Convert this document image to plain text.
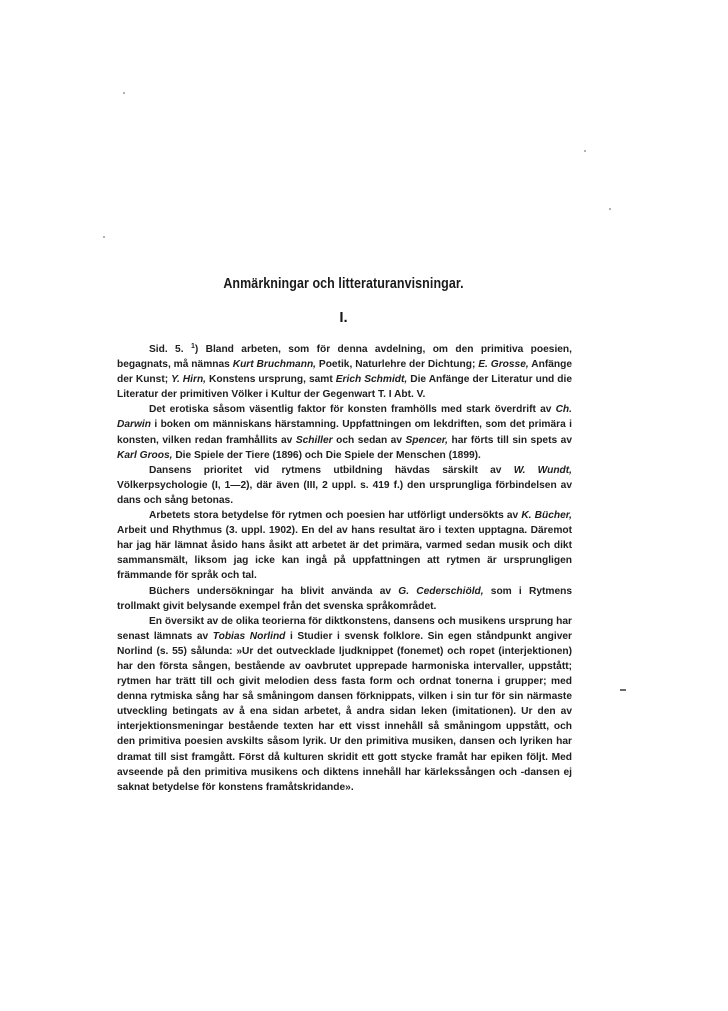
Anmärkningar och litteraturanvisningar.
I.

Sid. 5. $^1$) Bland arbeten, som för denna avdelning, om den primitiva poesien, begagnats, må nämnas Kurt Bruchmann, Poetik, Naturlehre der Dichtung; E. Grosse, Anfänge der Kunst; Y. Hirn, Konstens ursprung, samt Erich Schmidt, Die Anfänge der Literatur und die Literatur der primitiven Völker i Kultur der Gegenwart T. I Abt. V.

Det erotiska såsom väsentlig faktor för konsten framhölls med stark överdrift av Ch. Darwin i boken om människans härstamning. Uppfattningen om lekdriften, som det primära i konsten, vilken redan framhållits av Schiller och sedan av Spencer, har förts till sin spets av Karl Groos, Die Spiele der Tiere (1896) och Die Spiele der Menschen (1899).

Dansens prioritet vid rytmens utbildning hävdas särskilt av W. Wundt, Völkerpsychologie (I, 1—2), där även (III, 2 uppl. s. 419 f.) den ursprungliga förbindelsen av dans och sång betonas.

Arbetets stora betydelse för rytmen och poesien har utförligt undersökts av K. Bücher, Arbeit und Rhythmus (3. uppl. 1902). En del av hans resultat äro i texten upptagna. Däremot har jag här lämnat åsido hans åsikt att arbetet är det primära, varmed sedan musik och dikt sammansmält, liksom jag icke kan ingå på uppfattningen att rytmen är ursprungligen främmande för språk och tal.

Büchers undersökningar ha blivit använda av G. Cederschiöld, som i Rytmens trollmakt givit belysande exempel från det svenska språkområdet.

En översikt av de olika teorierna för diktkonstens, dansens och musikens ursprung har senast lämnats av Tobias Norlind i Studier i svensk folklore. Sin egen ståndpunkt angiver Norlind (s. 55) sålunda: »Ur det outvecklade ljudknippet (fonemet) och ropet (interjektionen) har den första sången, bestående av oavbrutet upprepade harmoniska intervaller, uppstått; rytmen har trätt till och givit melodien dess fasta form och ordnat tonerna i grupper; med denna rytmiska sång har så småningom dansen förknippats, vilken i sin tur för sin närmaste utveckling betingats av å ena sidan arbetet, å andra sidan leken (imitationen). Ur den av interjektionsmeningar bestående texten har ett visst innehåll så småningom uppstått, och den primitiva poesien avskilts såsom lyrik. Ur den primitiva musiken, dansen och lyriken har dramat till sist framgått. Först då kulturen skridit ett gott stycke framåt har epiken följt. Med avseende på den primitiva musikens och diktens innehåll har kärlekssången och -dansen ej saknat betydelse för konstens framåtskridande».
